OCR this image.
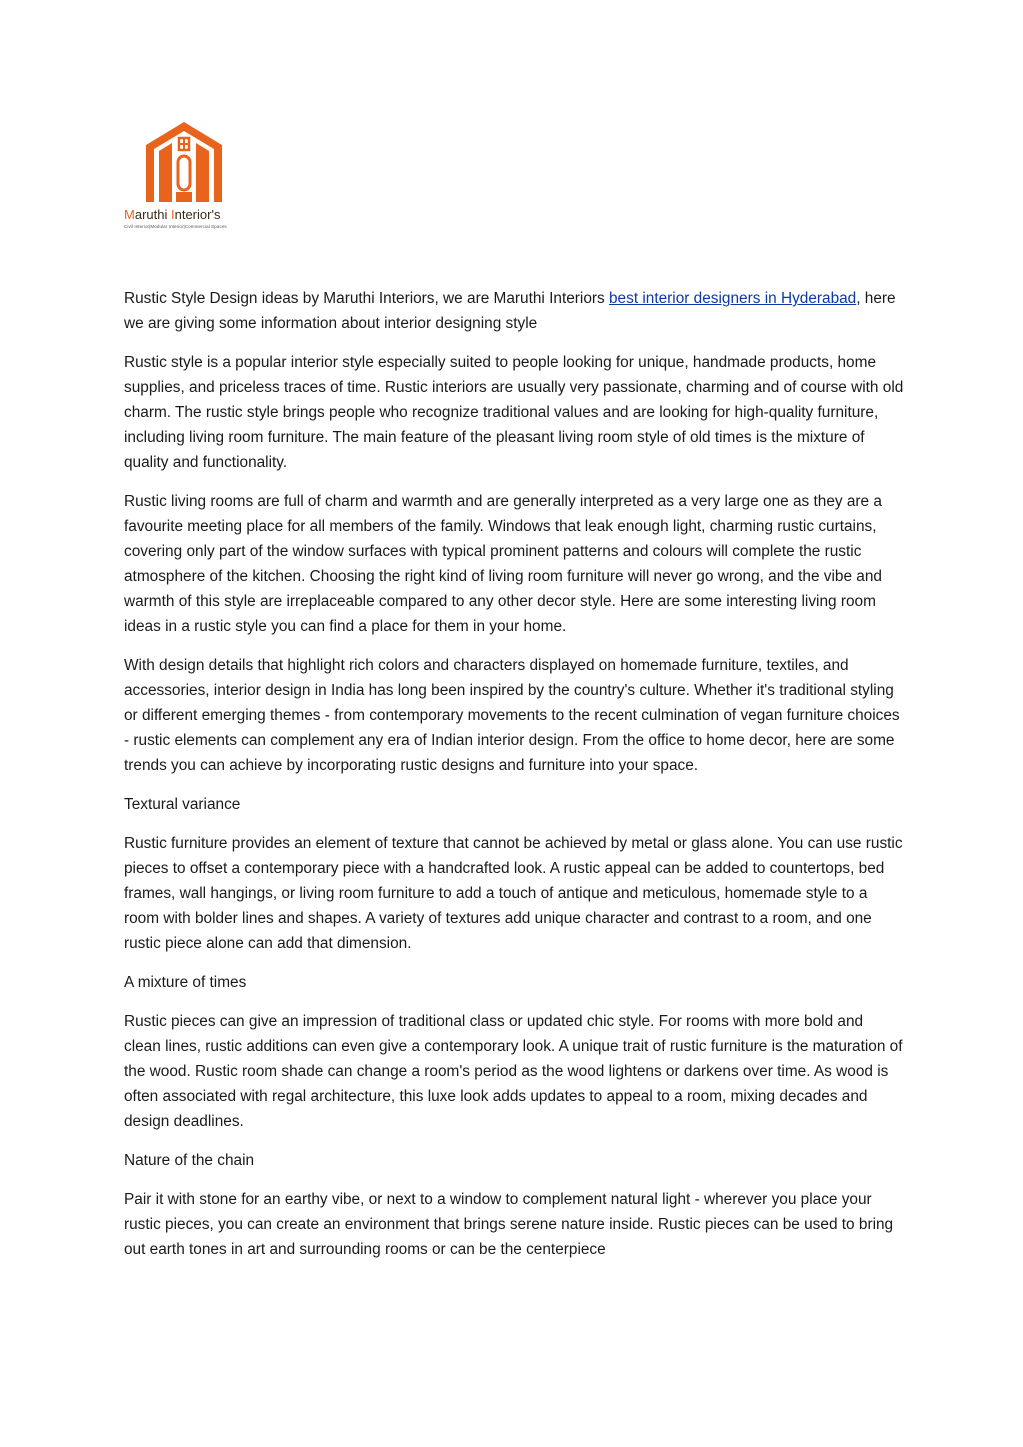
Maruthi Interior's
Civil Interior|Modular Interior|Commercial Spaces

Rustic Style Design ideas by Maruthi Interiors, we are Maruthi Interiors best interior designers in Hyderabad, here we are giving some information about interior designing style

Rustic style is a popular interior style especially suited to people looking for unique, handmade products, home supplies, and priceless traces of time. Rustic interiors are usually very passionate, charming and of course with old charm. The rustic style brings people who recognize traditional values and are looking for high-quality furniture, including living room furniture. The main feature of the pleasant living room style of old times is the mixture of quality and functionality.

Rustic living rooms are full of charm and warmth and are generally interpreted as a very large one as they are a favourite meeting place for all members of the family. Windows that leak enough light, charming rustic curtains, covering only part of the window surfaces with typical prominent patterns and colours will complete the rustic atmosphere of the kitchen. Choosing the right kind of living room furniture will never go wrong, and the vibe and warmth of this style are irreplaceable compared to any other decor style. Here are some interesting living room ideas in a rustic style you can find a place for them in your home.

With design details that highlight rich colors and characters displayed on homemade furniture, textiles, and accessories, interior design in India has long been inspired by the country's culture. Whether it's traditional styling or different emerging themes - from contemporary movements to the recent culmination of vegan furniture choices - rustic elements can complement any era of Indian interior design. From the office to home decor, here are some trends you can achieve by incorporating rustic designs and furniture into your space.

Textural variance

Rustic furniture provides an element of texture that cannot be achieved by metal or glass alone. You can use rustic pieces to offset a contemporary piece with a handcrafted look. A rustic appeal can be added to countertops, bed frames, wall hangings, or living room furniture to add a touch of antique and meticulous, homemade style to a room with bolder lines and shapes. A variety of textures add unique character and contrast to a room, and one rustic piece alone can add that dimension.

A mixture of times

Rustic pieces can give an impression of traditional class or updated chic style. For rooms with more bold and clean lines, rustic additions can even give a contemporary look. A unique trait of rustic furniture is the maturation of the wood. Rustic room shade can change a room's period as the wood lightens or darkens over time. As wood is often associated with regal architecture, this luxe look adds updates to appeal to a room, mixing decades and design deadlines.

Nature of the chain

Pair it with stone for an earthy vibe, or next to a window to complement natural light - wherever you place your rustic pieces, you can create an environment that brings serene nature inside. Rustic pieces can be used to bring out earth tones in art and surrounding rooms or can be the centerpiece
